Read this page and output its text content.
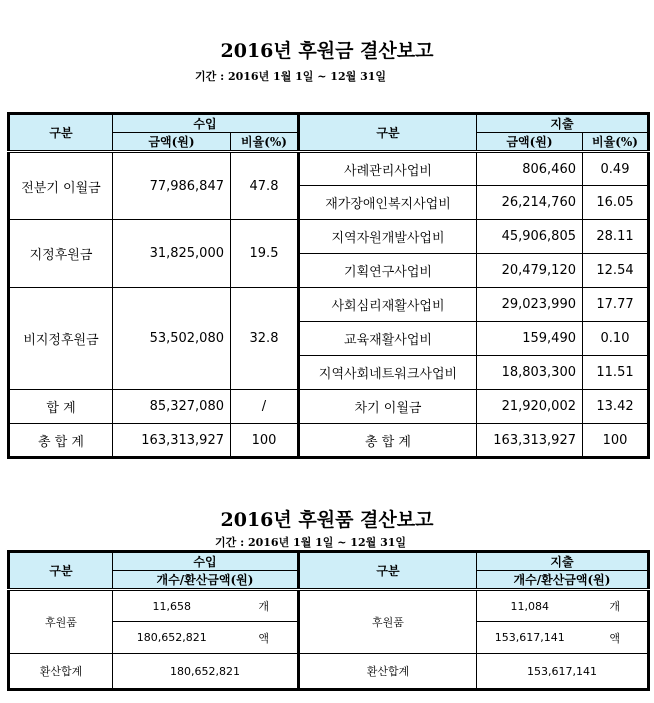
2016년 후원금 결산보고
기간 : 2016년 1월 1일 ~ 12월 31일
구분	수입		구분	지출	
	금액(원)	비율(%)		금액(원)	비율(%)
전분기 이월금	77,986,847	47.8	사례관리사업비	806,460	0.49
			재가장애인복지사업비	26,214,760	16.05
지정후원금	31,825,000	19.5	지역자원개발사업비	45,906,805	28.11
			기획연구사업비	20,479,120	12.54
비지정후원금	53,502,080	32.8	사회심리재활사업비	29,023,990	17.77
			교육재활사업비	159,490	0.10
			지역사회네트워크사업비	18,803,300	11.51
합 계	85,327,080	/	차기 이월금	21,920,002	13.42
총 합 계	163,313,927	100	총 합 계	163,313,927	100
2016년 후원품 결산보고
기간 : 2016년 1월 1일 ~ 12월 31일
구분	수입		구분	지출	
	개수/환산금액(원)			개수/환산금액(원)	
후원품	11,658	개	후원품	11,084	개
	180,652,821	액		153,617,141	액
환산합계	180,652,821		환산합계	153,617,141	
